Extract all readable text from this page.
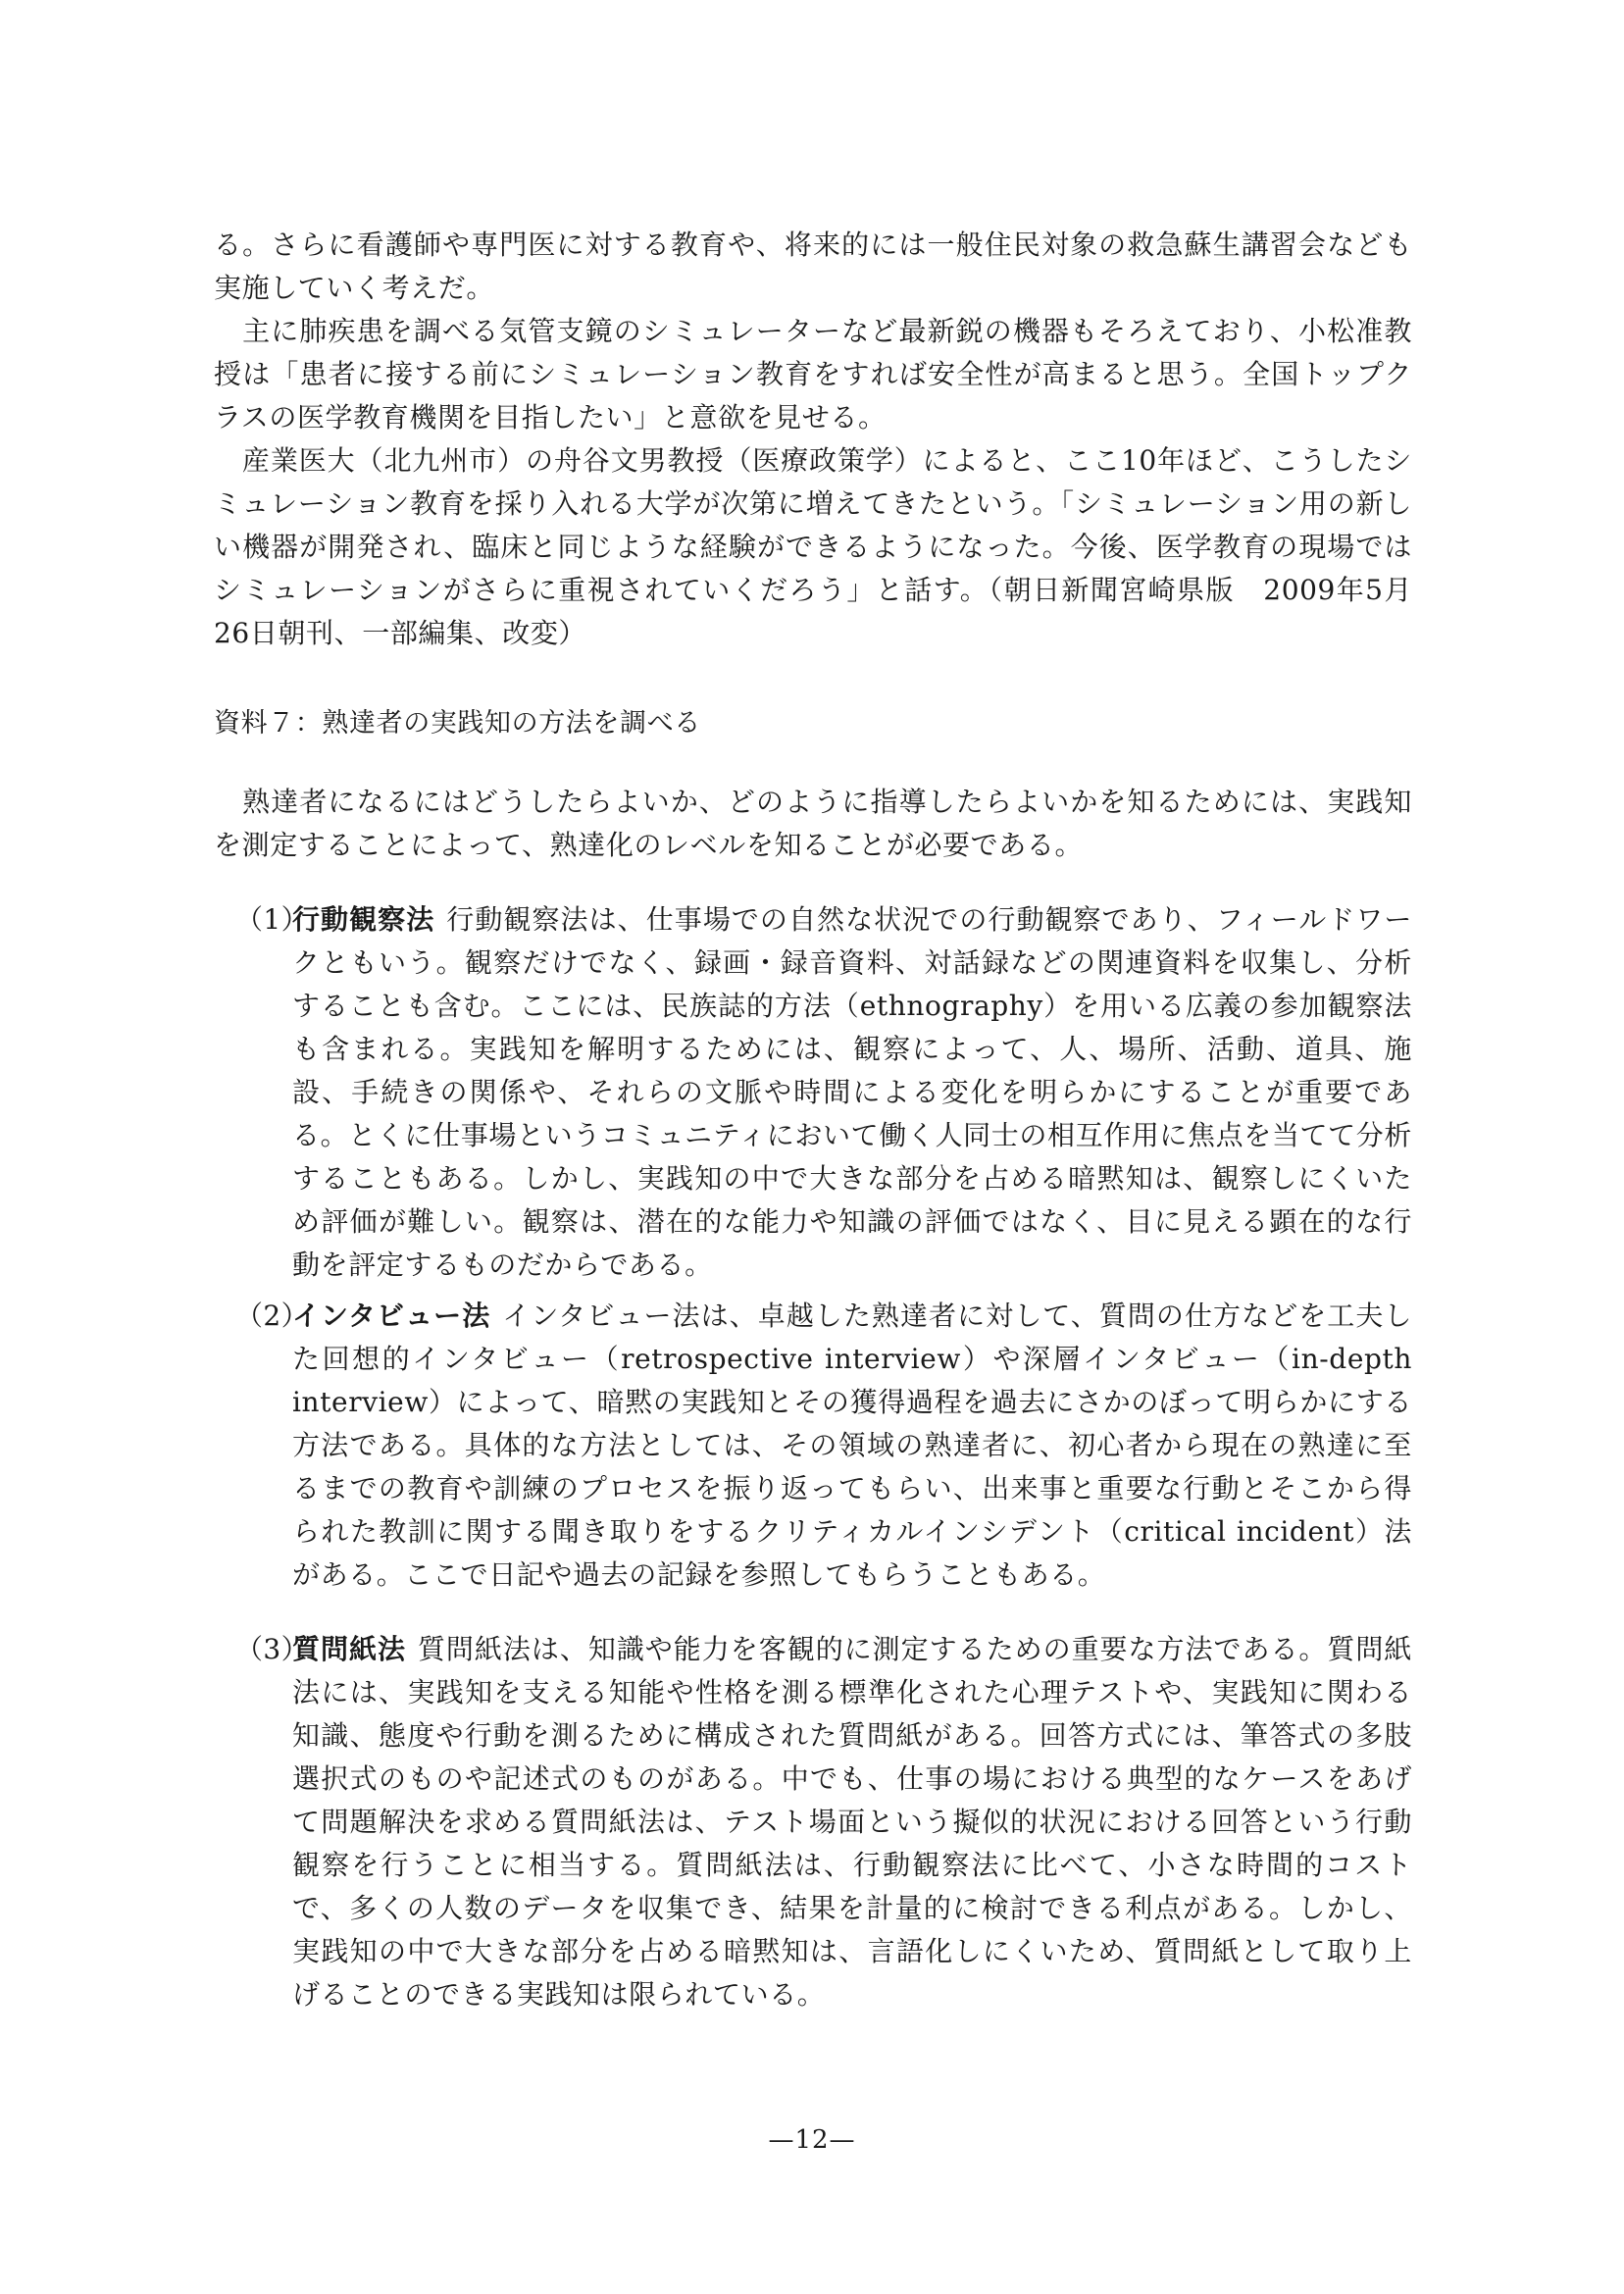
る。さらに看護師や専門医に対する教育や、将来的には一般住民対象の救急蘇生講習会なども実施していく考えだ。

　主に肺疾患を調べる気管支鏡のシミュレーターなど最新鋭の機器もそろえており、小松准教授は「患者に接する前にシミュレーション教育をすれば安全性が高まると思う。全国トップクラスの医学教育機関を目指したい」と意欲を見せる。

　産業医大（北九州市）の舟谷文男教授（医療政策学）によると、ここ10年ほど、こうしたシミュレーション教育を採り入れる大学が次第に増えてきたという。「シミュレーション用の新しい機器が開発され、臨床と同じような経験ができるようになった。今後、医学教育の現場ではシミュレーションがさらに重視されていくだろう」と話す。（朝日新聞宮崎県版　2009年5月26日朝刊、一部編集、改変）

資料７：熟達者の実践知の方法を調べる

　熟達者になるにはどうしたらよいか、どのように指導したらよいかを知るためには、実践知を測定することによって、熟達化のレベルを知ることが必要である。

（1）

行動観察法 行動観察法は、仕事場での自然な状況での行動観察であり、フィールドワークともいう。観察だけでなく、録画・録音資料、対話録などの関連資料を収集し、分析することも含む。ここには、民族誌的方法（ethnography）を用いる広義の参加観察法も含まれる。実践知を解明するためには、観察によって、人、場所、活動、道具、施設、手続きの関係や、それらの文脈や時間による変化を明らかにすることが重要である。とくに仕事場というコミュニティにおいて働く人同士の相互作用に焦点を当てて分析することもある。しかし、実践知の中で大きな部分を占める暗黙知は、観察しにくいため評価が難しい。観察は、潜在的な能力や知識の評価ではなく、目に見える顕在的な行動を評定するものだからである。

（2）

インタビュー法 インタビュー法は、卓越した熟達者に対して、質問の仕方などを工夫した回想的インタビュー（retrospective interview）や深層インタビュー（in-depth interview）によって、暗黙の実践知とその獲得過程を過去にさかのぼって明らかにする方法である。具体的な方法としては、その領域の熟達者に、初心者から現在の熟達に至るまでの教育や訓練のプロセスを振り返ってもらい、出来事と重要な行動とそこから得られた教訓に関する聞き取りをするクリティカルインシデント（critical incident）法がある。ここで日記や過去の記録を参照してもらうこともある。

（3）

質問紙法 質問紙法は、知識や能力を客観的に測定するための重要な方法である。質問紙法には、実践知を支える知能や性格を測る標準化された心理テストや、実践知に関わる知識、態度や行動を測るために構成された質問紙がある。回答方式には、筆答式の多肢選択式のものや記述式のものがある。中でも、仕事の場における典型的なケースをあげて問題解決を求める質問紙法は、テスト場面という擬似的状況における回答という行動観察を行うことに相当する。質問紙法は、行動観察法に比べて、小さな時間的コストで、多くの人数のデータを収集でき、結果を計量的に検討できる利点がある。しかし、実践知の中で大きな部分を占める暗黙知は、言語化しにくいため、質問紙として取り上げることのできる実践知は限られている。

—12—
